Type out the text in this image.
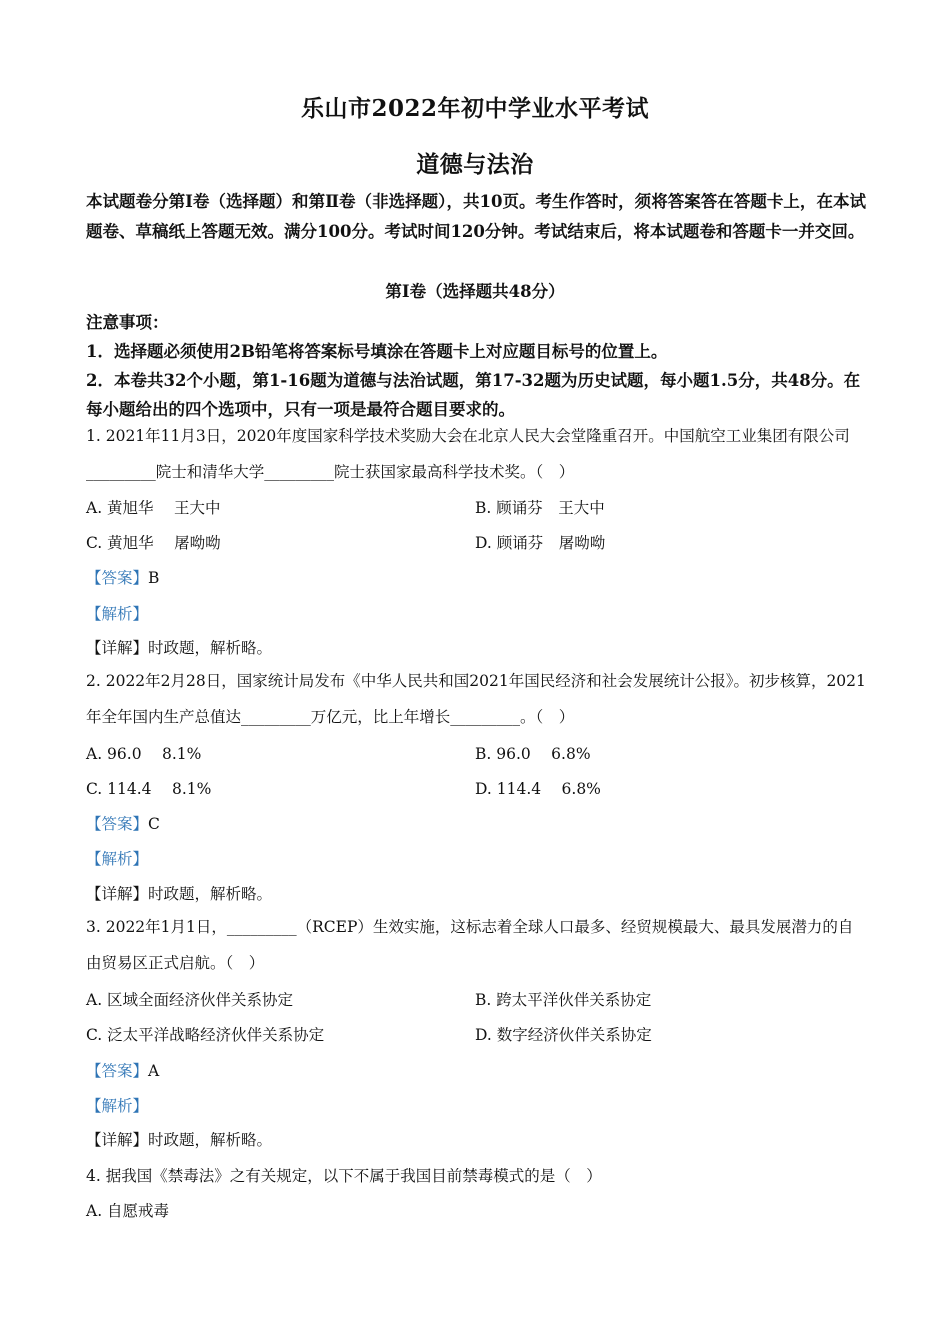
乐山市2022年初中学业水平考试
道德与法治
本试题卷分第Ⅰ卷（选择题）和第Ⅱ卷（非选择题），共10页。考生作答时，须将答案答在答题卡上，在本试题卷、草稿纸上答题无效。满分100分。考试时间120分钟。考试结束后，将本试题卷和答题卡一并交回。
第Ⅰ卷（选择题共48分）

注意事项：

1．选择题必须使用2B铅笔将答案标号填涂在答题卡上对应题目标号的位置上。

2．本卷共32个小题，第1-16题为道德与法治试题，第17-32题为历史试题，每小题1.5分，共48分。在每小题给出的四个选项中，只有一项是最符合题目要求的。

1. 2021年11月3日，2020年度国家科学技术奖励大会在北京人民大会堂隆重召开。中国航空工业集团有限公司_________院士和清华大学_________院士获国家最高科学技术奖。（　）

A. 黄旭华　 王大中	B. 顾诵芬　王大中
C. 黄旭华　 屠呦呦	D. 顾诵芬　屠呦呦
【答案】B
【解析】
【详解】时政题，解析略。

2. 2022年2月28日，国家统计局发布《中华人民共和国2021年国民经济和社会发展统计公报》。初步核算，2021年全年国内生产总值达_________万亿元，比上年增长_________。（　）

A. 96.0　 8.1%	B. 96.0　 6.8%
C. 114.4　 8.1%	D. 114.4　 6.8%
【答案】C
【解析】
【详解】时政题，解析略。

3. 2022年1月1日，_________（RCEP）生效实施，这标志着全球人口最多、经贸规模最大、最具发展潜力的自由贸易区正式启航。（　）

A. 区域全面经济伙伴关系协定	B. 跨太平洋伙伴关系协定
C. 泛太平洋战略经济伙伴关系协定	D. 数字经济伙伴关系协定
【答案】A
【解析】
【详解】时政题，解析略。
4. 据我国《禁毒法》之有关规定，以下不属于我国目前禁毒模式的是（　）
A. 自愿戒毒
